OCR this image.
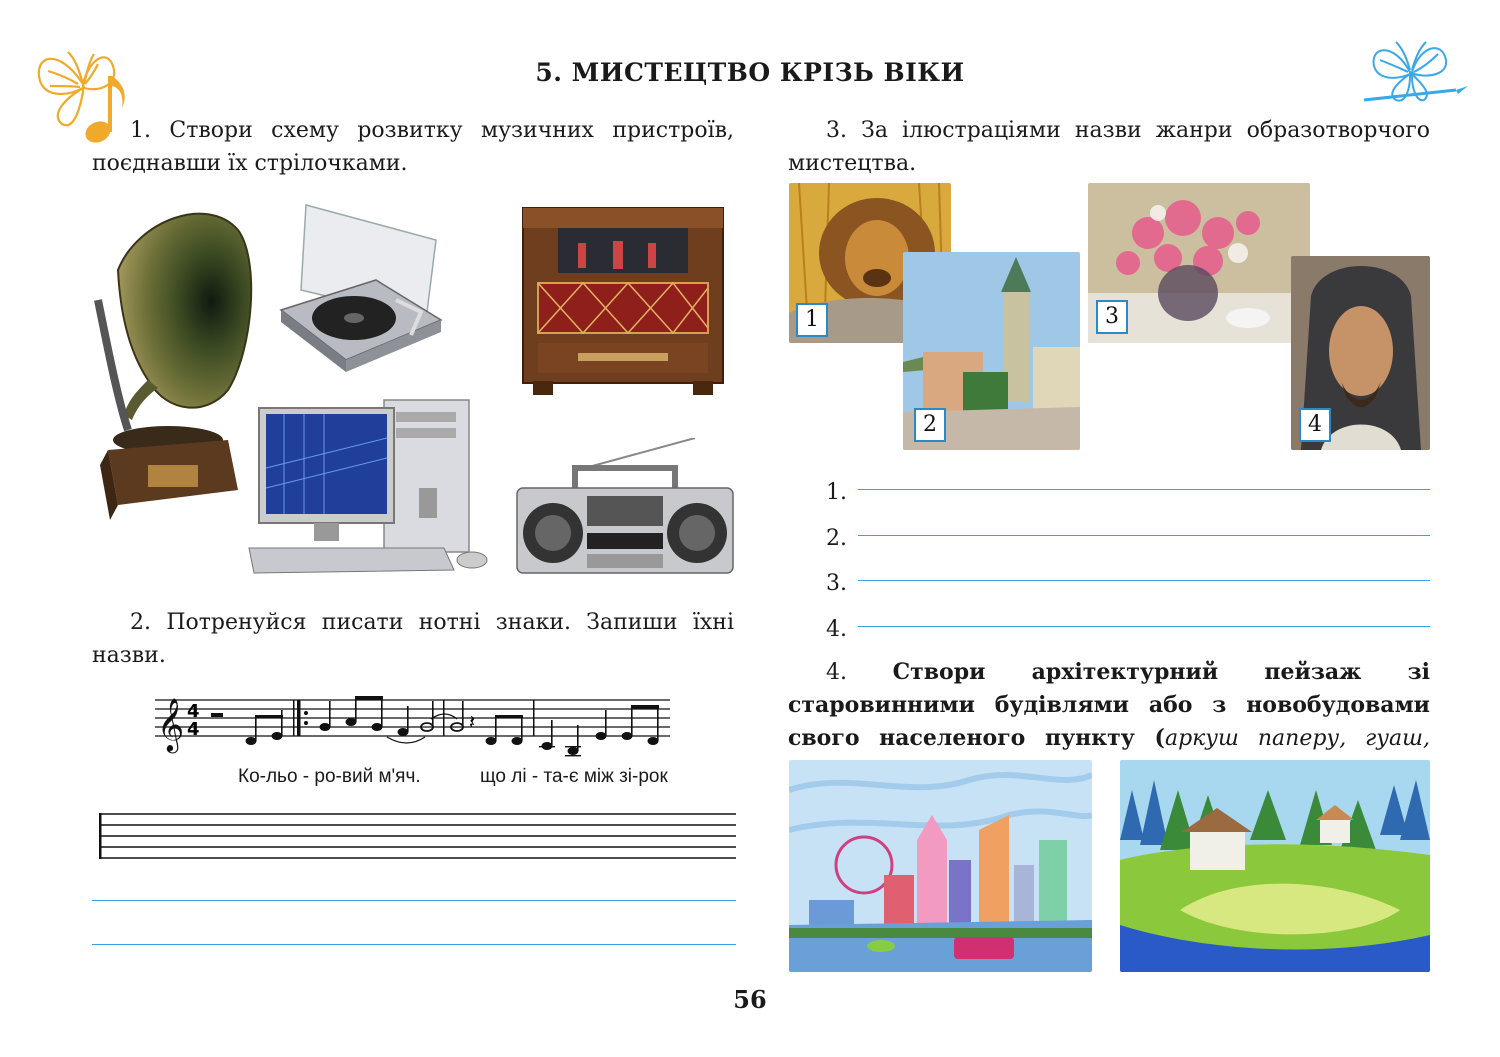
5. МИСТЕЦТВО КРІЗЬ ВІКИ
1. Створи схему розвитку музичних пристроїв, поєднавши їх стрілочками.
2. Потренуйся писати нотні знаки. Запиши їхні назви.
𝄞 4
4	𝄽
Ко-льо - ро-вий м'яч.	що лі - та-є між зі-рок
3. За ілюстраціями назви жанри образотворчого мистецтва.
1
2
3
4
1.
2.
3.
4.
4. Створи архітектурний пейзаж зі старовинними будівлями або з новобудовами свого населеного пункту (аркуш паперу, гуаш,
56
